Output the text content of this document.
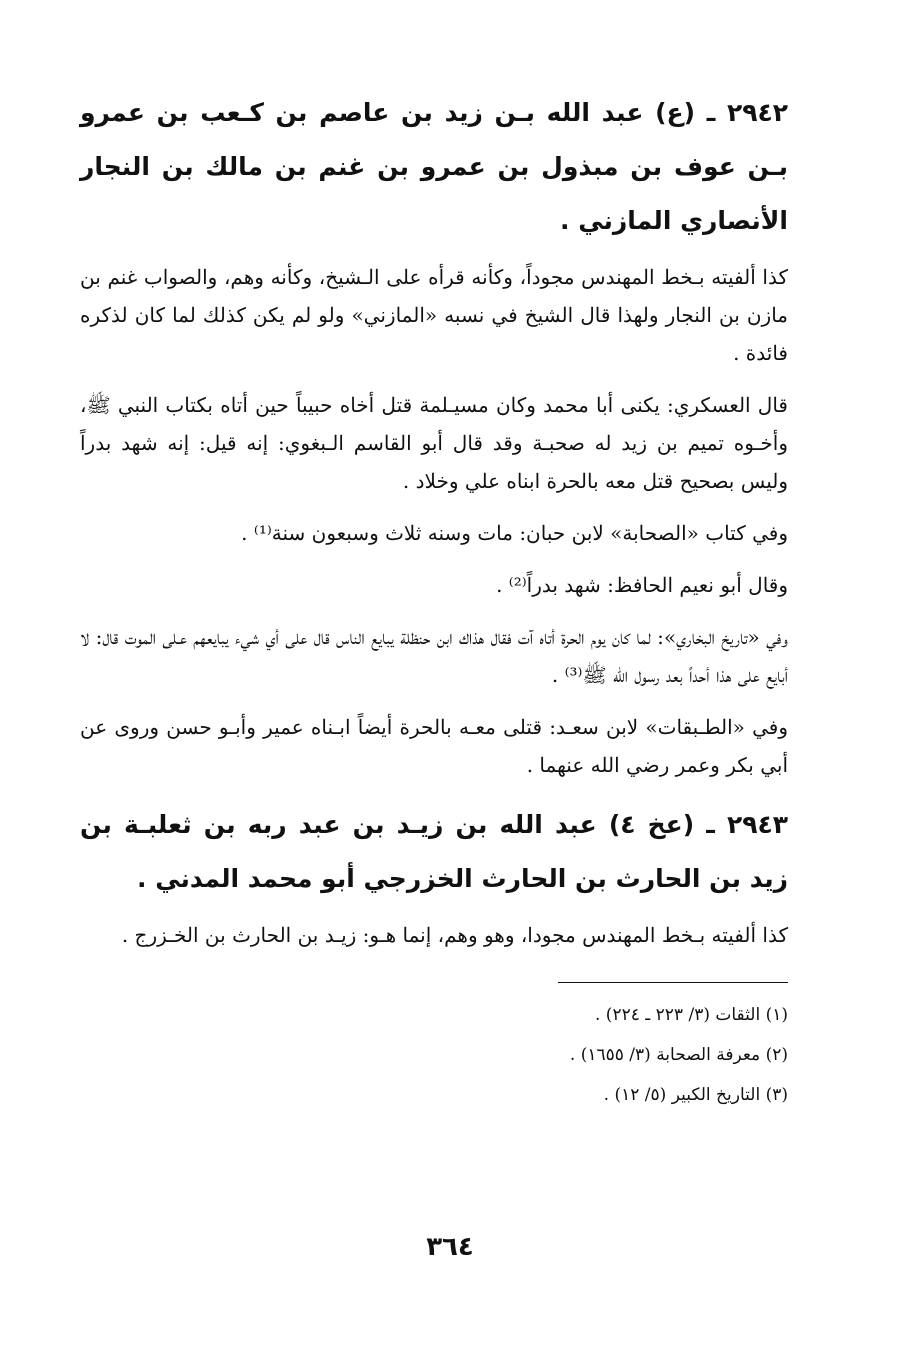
٢٩٤٢ ـ (ع) عبد الله بـن زيد بن عاصم بن كـعب بن عمرو بـن عوف بن مبذول بن عمرو بن غنم بن مالك بن النجار الأنصاري المازني .

كذا ألفيته بـخط المهندس مجوداً، وكأنه قرأه على الـشيخ، وكأنه وهم، والصواب غنم بن مازن بن النجار ولهذا قال الشيخ في نسبه «المازني» ولو لم يكن كذلك لما كان لذكره فائدة .

قال العسكري: يكنى أبا محمد وكان مسيـلمة قتل أخاه حبيباً حين أتاه بكتاب النبي ﷺ، وأخـوه تميم بن زيد له صحبـة وقد قال أبو القاسم الـبغوي: إنه قيل: إنه شهد بدراً وليس بصحيح قتل معه بالحرة ابناه علي وخلاد .

وفي كتاب «الصحابة» لابن حبان: مات وسنه ثلاث وسبعون سنة⁽¹⁾ .

وقال أبو نعيم الحافظ: شهد بدراً⁽²⁾ .

وفي «تاريخ البخاري»: لما كان يوم الحرة أتاه آت فقال هذاك ابن حنظلة يبايع الناس قال على أي شيء يبايعهم عـلى الموت قال: لا أبايع على هذا أحداً بعد رسول الله ﷺ⁽³⁾ .

وفي «الطـبقات» لابن سعـد: قتلى معـه بالحرة أيضاً ابـناه عمير وأبـو حسن وروى عن أبي بكر وعمر رضي الله عنهما .

٢٩٤٣ ـ (عخ ٤) عبد الله بن زيـد بن عبد ربه بن ثعلبـة بن زيد بن الحارث بن الحارث الخزرجي أبو محمد المدني .

كذا ألفيته بـخط المهندس مجودا، وهو وهم، إنما هـو: زيـد بن الحارث بن الخـزرج .

(١) الثقات (٣/ ٢٢٣ ـ ٢٢٤) .

(٢) معرفة الصحابة (٣/ ١٦٥٥) .

(٣) التاريخ الكبير (٥/ ١٢) .

٣٦٤
